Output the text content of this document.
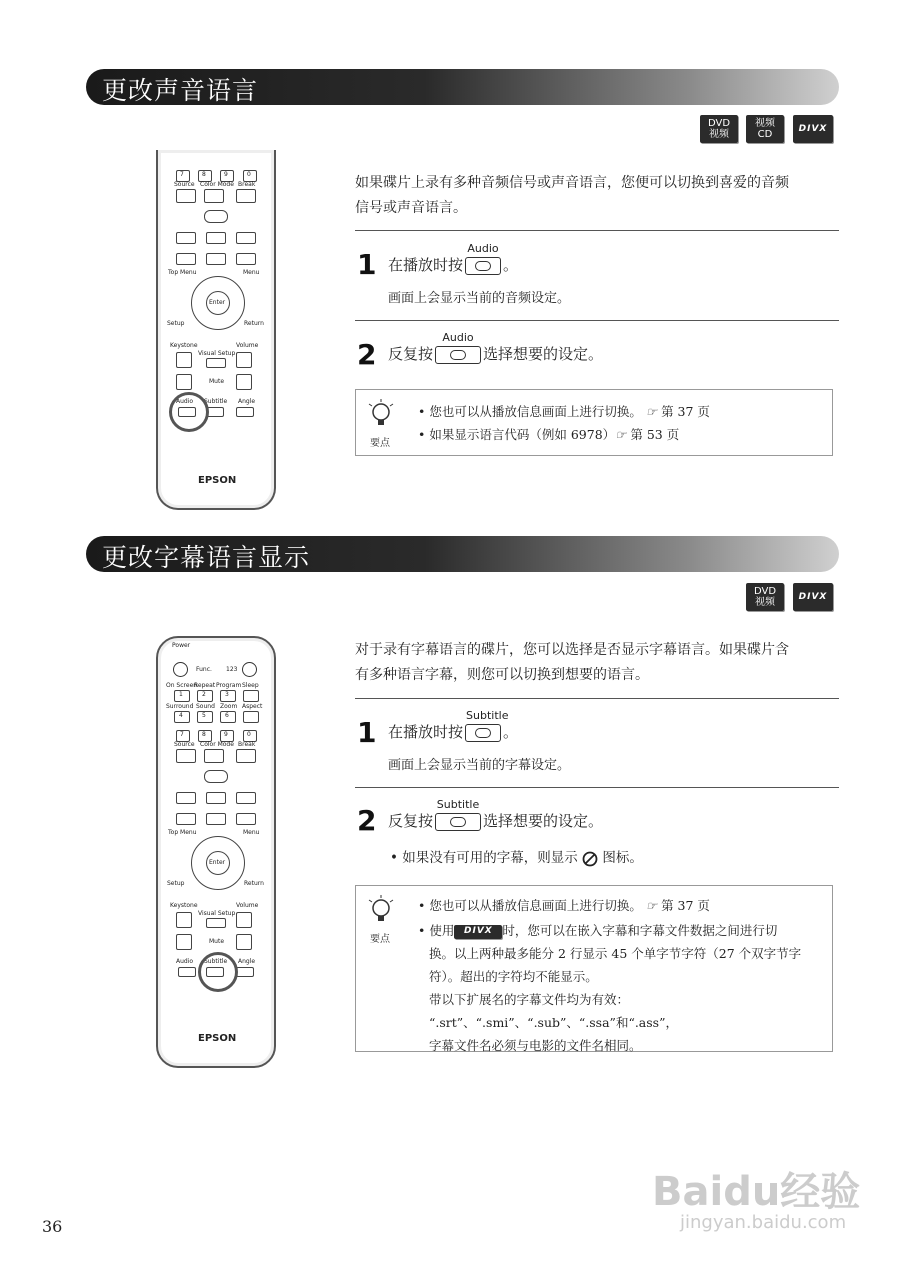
更改声音语言
DVD
视频
视频
CD
DIVX
7	8	9	0
Source Color Mode Break
Top Menu	Menu
Enter
Setup	Return
Keystone	Volume
Visual Setup
Mute
Audio Subtitle Angle
EPSON
如果碟片上录有多种音频信号或声音语言，您便可以切换到喜爱的音频
信号或声音语言。
1 在播放时按
Audio
。
画面上会显示当前的音频设定。
2 反复按
Audio
选择想要的设定。
要点
• 您也可以从播放信息画面上进行切换。 ☞ 第 37 页
• 如果显示语言代码（例如 6978）☞ 第 53 页
更改字幕语言显示
DVD
视频
DIVX
Power
Func. 123
On Screen
Repeat Program Sleep
1	2	3
Surround Sound Zoom Aspect
4	5	6
7	8	9	0
Source Color Mode Break
Top Menu	Menu
Enter
Setup	Return
Keystone	Volume
Visual Setup
Mute
Audio Subtitle Angle
EPSON
对于录有字幕语言的碟片，您可以选择是否显示字幕语言。如果碟片含
有多种语言字幕，则您可以切换到想要的语言。
1 在播放时按
Subtitle
。
画面上会显示当前的字幕设定。
2 反复按
Subtitle
选择想要的设定。
• 如果没有可用的字幕，则显示 图标。
要点
• 您也可以从播放信息画面上进行切换。 ☞ 第 37 页
• 使用	DIVX 时，您可以在嵌入字幕和字幕文件数据之间进行切
换。以上两种最多能分 2 行显示 45 个单字节字符（27 个双字节字
符）。超出的字符均不能显示。
带以下扩展名的字幕文件均为有效：
“.srt”、“.smi”、“.sub”、“.ssa”和“.ass”，
字幕文件名必须与电影的文件名相同。
36
Baidu经验
jingyan.baidu.com
